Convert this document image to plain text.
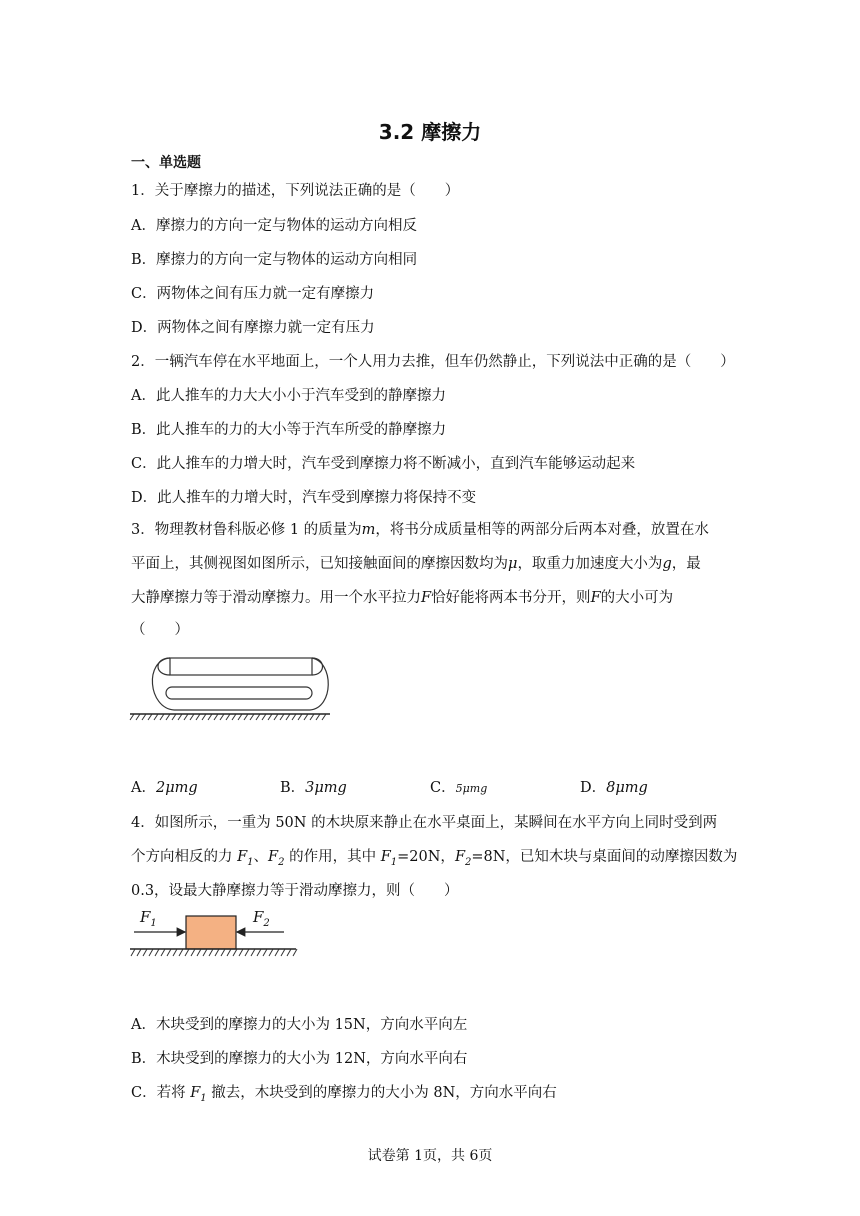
3.2 摩擦力
一、单选题
1．关于摩擦力的描述，下列说法正确的是（　　）
A．摩擦力的方向一定与物体的运动方向相反
B．摩擦力的方向一定与物体的运动方向相同
C．两物体之间有压力就一定有摩擦力
D．两物体之间有摩擦力就一定有压力
2．一辆汽车停在水平地面上，一个人用力去推，但车仍然静止，下列说法中正确的是（　　）
A．此人推车的力大大小小于汽车受到的静摩擦力
B．此人推车的力的大小等于汽车所受的静摩擦力
C．此人推车的力增大时，汽车受到摩擦力将不断减小，直到汽车能够运动起来
D．此人推车的力增大时，汽车受到摩擦力将保持不变
3．物理教材鲁科版必修 1 的质量为m，将书分成质量相等的两部分后两本对叠，放置在水
平面上，其侧视图如图所示，已知接触面间的摩擦因数均为μ，取重力加速度大小为g，最
大静摩擦力等于滑动摩擦力。用一个水平拉力F恰好能将两本书分开，则F的大小可为
（　　）
A．2μmg	B．3μmg	C．5μmg	D．8μmg
4．如图所示，一重为 50N 的木块原来静止在水平桌面上，某瞬间在水平方向上同时受到两
个方向相反的力 $F_1$、$F_2$ 的作用，其中 $F_1=20N$，$F_2=8N$，已知木块与桌面间的动摩擦因数为
0.3，设最大静摩擦力等于滑动摩擦力，则（　　）
$F_1$	$F_2$
A．木块受到的摩擦力的大小为 15N，方向水平向左
B．木块受到的摩擦力的大小为 12N，方向水平向右
C．若将 $F_1$ 撤去，木块受到的摩擦力的大小为 8N，方向水平向右
试卷第 1页，共 6页
